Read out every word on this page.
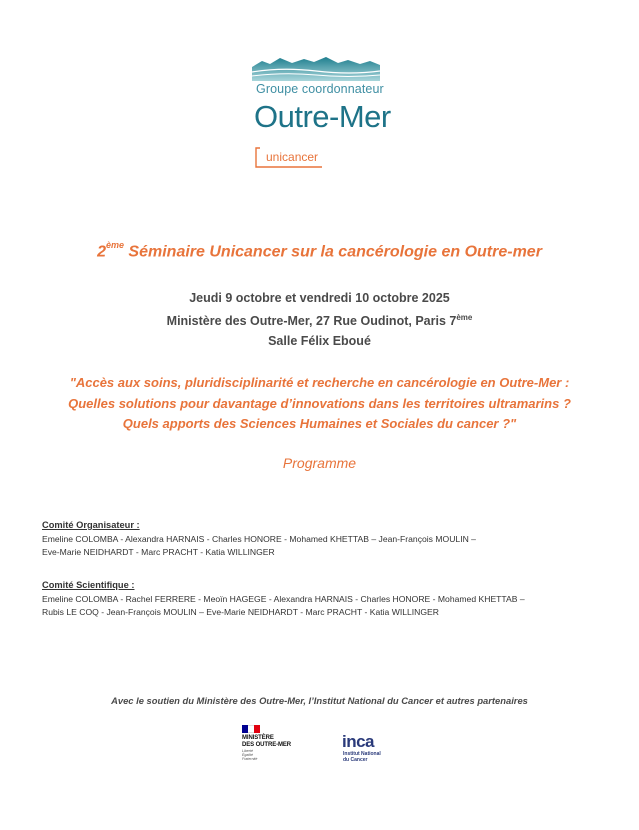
Groupe coordonnateur
Outre-Mer
unicancer
2ème Séminaire Unicancer sur la cancérologie en Outre-mer
Jeudi 9 octobre et vendredi 10 octobre 2025
Ministère des Outre-Mer, 27 Rue Oudinot, Paris 7ème
Salle Félix Eboué
"Accès aux soins, pluridisciplinarité et recherche en cancérologie en Outre-Mer :
Quelles solutions pour davantage d’innovations dans les territoires ultramarins ?
Quels apports des Sciences Humaines et Sociales du cancer ?"
Programme
Comité Organisateur :
Emeline COLOMBA - Alexandra HARNAIS - Charles HONORE - Mohamed KHETTAB – Jean-François MOULIN –
Eve-Marie NEIDHARDT - Marc PRACHT - Katia WILLINGER
Comité Scientifique :
Emeline COLOMBA - Rachel FERRERE - Meoïn HAGEGE - Alexandra HARNAIS - Charles HONORE - Mohamed KHETTAB –
Rubis LE COQ - Jean-François MOULIN – Eve-Marie NEIDHARDT - Marc PRACHT - Katia WILLINGER
Avec le soutien du Ministère des Outre-Mer, l’Institut National du Cancer et autres partenaires
MINISTÈRE
DES OUTRE-MER
Liberté
Égalité
Fraternité
inca
Institut National
du Cancer
